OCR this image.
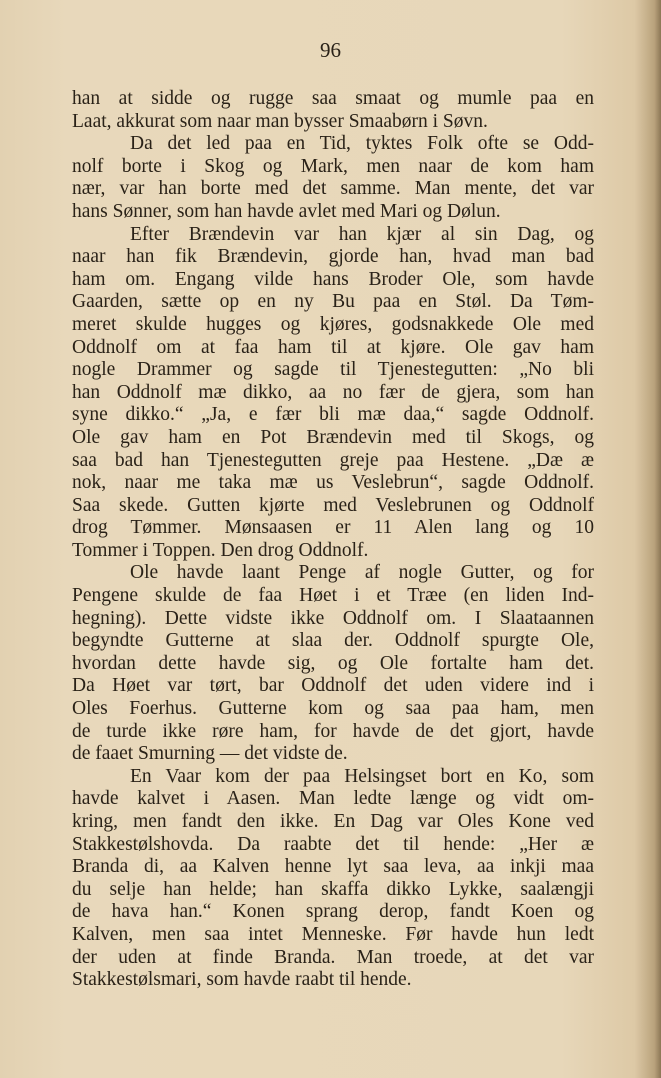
96
han at sidde og rugge saa smaat og mumle paa en
Laat, akkurat som naar man bysser Smaabørn i Søvn.
Da det led paa en Tid, tyktes Folk ofte se Odd-
nolf borte i Skog og Mark, men naar de kom ham
nær, var han borte med det samme. Man mente, det var
hans Sønner, som han havde avlet med Mari og Dølun.
Efter Brændevin var han kjær al sin Dag, og
naar han fik Brændevin, gjorde han, hvad man bad
ham om. Engang vilde hans Broder Ole, som havde
Gaarden, sætte op en ny Bu paa en Støl. Da Tøm-
meret skulde hugges og kjøres, godsnakkede Ole med
Oddnolf om at faa ham til at kjøre. Ole gav ham
nogle Drammer og sagde til Tjenestegutten: „No bli
han Oddnolf mæ dikko, aa no fær de gjera, som han
syne dikko.“ „Ja, e fær bli mæ daa,“ sagde Oddnolf.
Ole gav ham en Pot Brændevin med til Skogs, og
saa bad han Tjenestegutten greje paa Hestene. „Dæ æ
nok, naar me taka mæ us Veslebrun“, sagde Oddnolf.
Saa skede. Gutten kjørte med Veslebrunen og Oddnolf
drog Tømmer. Mønsaasen er 11 Alen lang og 10
Tommer i Toppen. Den drog Oddnolf.
Ole havde laant Penge af nogle Gutter, og for
Pengene skulde de faa Høet i et Træe (en liden Ind-
hegning). Dette vidste ikke Oddnolf om. I Slaataannen
begyndte Gutterne at slaa der. Oddnolf spurgte Ole,
hvordan dette havde sig, og Ole fortalte ham det.
Da Høet var tørt, bar Oddnolf det uden videre ind i
Oles Foerhus. Gutterne kom og saa paa ham, men
de turde ikke røre ham, for havde de det gjort, havde
de faaet Smurning — det vidste de.
En Vaar kom der paa Helsingset bort en Ko, som
havde kalvet i Aasen. Man ledte længe og vidt om-
kring, men fandt den ikke. En Dag var Oles Kone ved
Stakkestølshovda. Da raabte det til hende: „Her æ
Branda di, aa Kalven henne lyt saa leva, aa inkji maa
du selje han helde; han skaffa dikko Lykke, saalængji
de hava han.“ Konen sprang derop, fandt Koen og
Kalven, men saa intet Menneske. Før havde hun ledt
der uden at finde Branda. Man troede, at det var
Stakkestølsmari, som havde raabt til hende.
